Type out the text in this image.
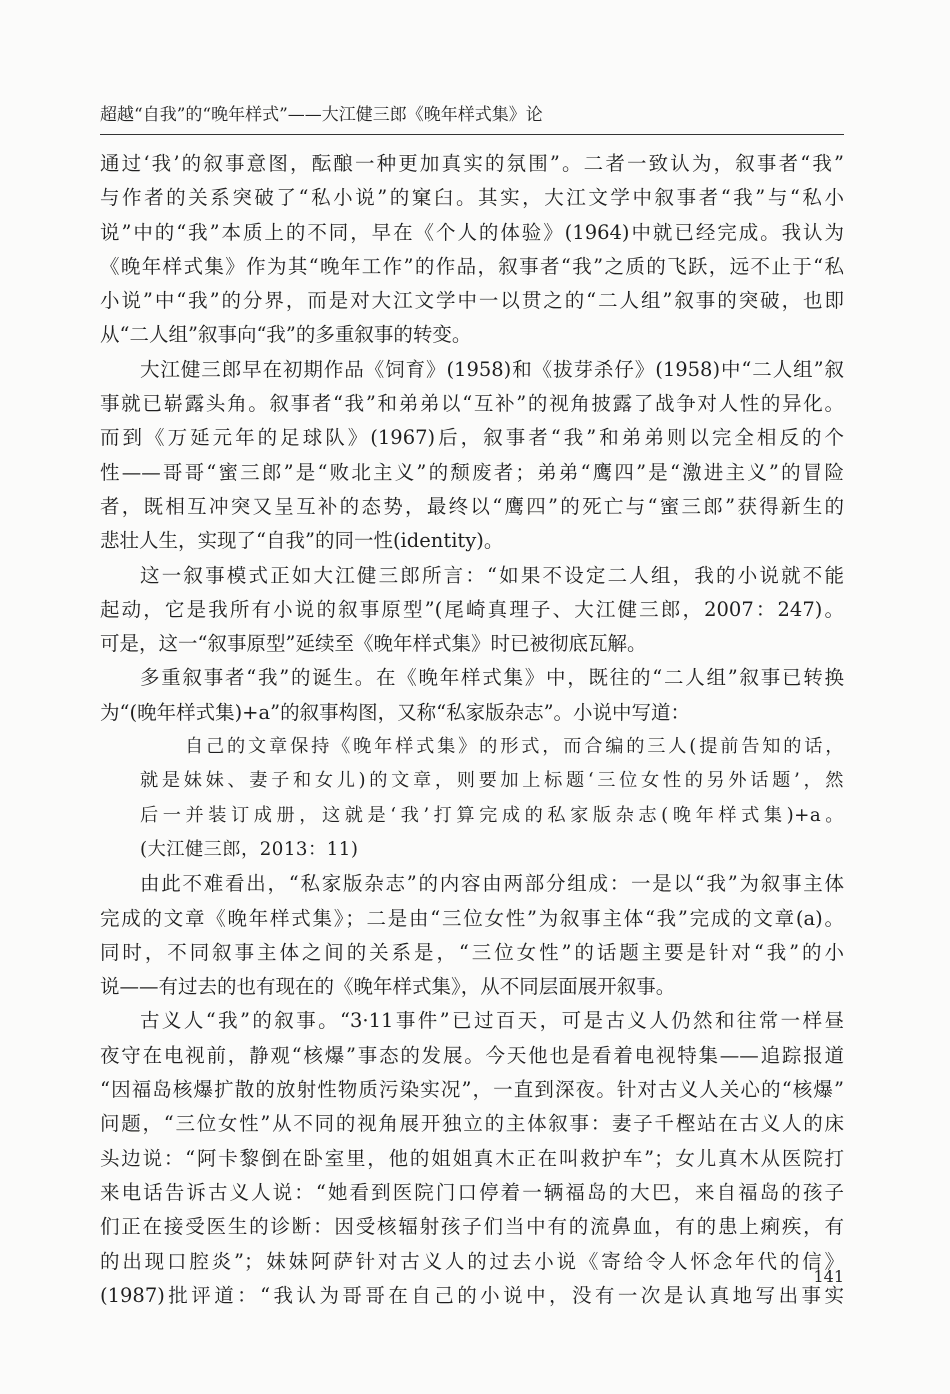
超越“自我”的“晚年样式”——大江健三郎《晚年样式集》论
通过‘我’的叙事意图，酝酿一种更加真实的氛围”。二者一致认为，叙事者“我”
与作者的关系突破了“私小说”的窠臼。其实，大江文学中叙事者“我”与“私小
说”中的“我”本质上的不同，早在《个人的体验》(1964)中就已经完成。我认为
《晚年样式集》作为其“晚年工作”的作品，叙事者“我”之质的飞跃，远不止于“私
小说”中“我”的分界，而是对大江文学中一以贯之的“二人组”叙事的突破，也即
从“二人组”叙事向“我”的多重叙事的转变。
大江健三郎早在初期作品《饲育》(1958)和《拔芽杀仔》(1958)中“二人组”叙
事就已崭露头角。叙事者“我”和弟弟以“互补”的视角披露了战争对人性的异化。
而到《万延元年的足球队》(1967)后，叙事者“我”和弟弟则以完全相反的个
性——哥哥“蜜三郎”是“败北主义”的颓废者；弟弟“鹰四”是“激进主义”的冒险
者，既相互冲突又呈互补的态势，最终以“鹰四”的死亡与“蜜三郎”获得新生的
悲壮人生，实现了“自我”的同一性(identity)。
这一叙事模式正如大江健三郎所言：“如果不设定二人组，我的小说就不能
起动，它是我所有小说的叙事原型”(尾崎真理子、大江健三郎，2007：247)。
可是，这一“叙事原型”延续至《晚年样式集》时已被彻底瓦解。
多重叙事者“我”的诞生。在《晚年样式集》中，既往的“二人组”叙事已转换
为“(晚年样式集)+a”的叙事构图，又称“私家版杂志”。小说中写道：
自己的文章保持《晚年样式集》的形式，而合编的三人(提前告知的话，
就是妹妹、妻子和女儿)的文章，则要加上标题‘三位女性的另外话题’，然
后一并装订成册，这就是‘我’打算完成的私家版杂志(晚年样式集)+a。
(大江健三郎，2013：11)
由此不难看出，“私家版杂志”的内容由两部分组成：一是以“我”为叙事主体
完成的文章《晚年样式集》；二是由“三位女性”为叙事主体“我”完成的文章(a)。
同时，不同叙事主体之间的关系是，“三位女性”的话题主要是针对“我”的小
说——有过去的也有现在的《晚年样式集》，从不同层面展开叙事。
古义人“我”的叙事。“3·11事件”已过百天，可是古义人仍然和往常一样昼
夜守在电视前，静观“核爆”事态的发展。今天他也是看着电视特集——追踪报道
“因福岛核爆扩散的放射性物质污染实况”，一直到深夜。针对古义人关心的“核爆”
问题，“三位女性”从不同的视角展开独立的主体叙事：妻子千樫站在古义人的床
头边说：“阿卡黎倒在卧室里，他的姐姐真木正在叫救护车”；女儿真木从医院打
来电话告诉古义人说：“她看到医院门口停着一辆福岛的大巴，来自福岛的孩子
们正在接受医生的诊断：因受核辐射孩子们当中有的流鼻血，有的患上痢疾，有
的出现口腔炎”；妹妹阿萨针对古义人的过去小说《寄给令人怀念年代的信》
(1987)批评道：“我认为哥哥在自己的小说中，没有一次是认真地写出事实
141
